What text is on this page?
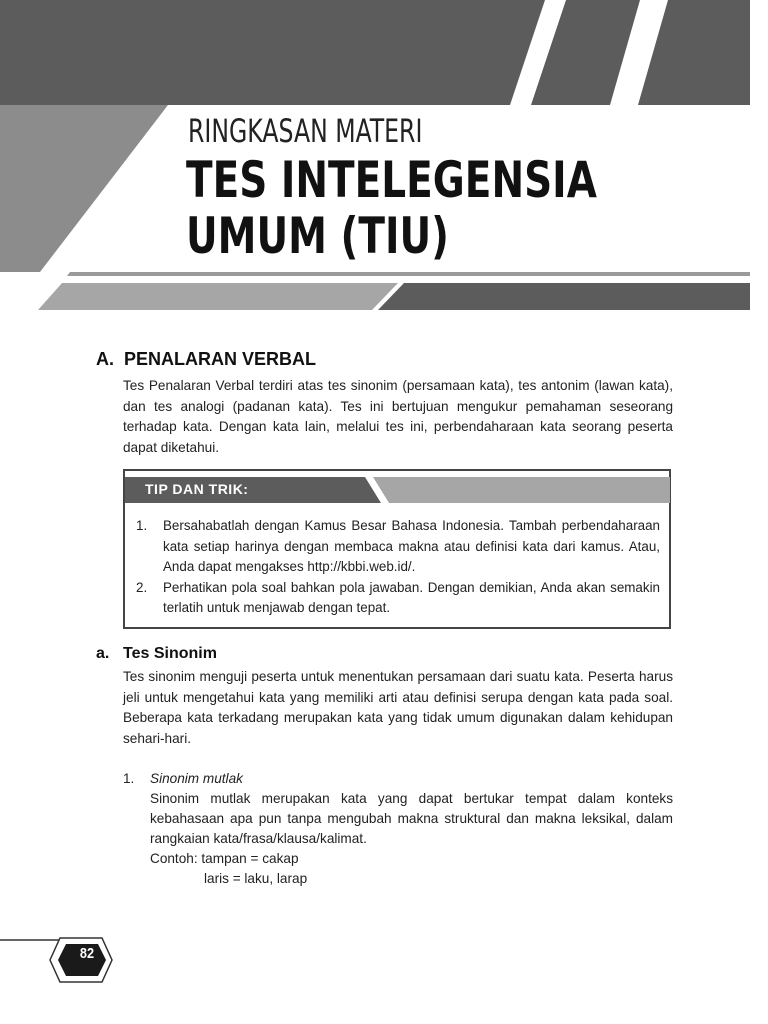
RINGKASAN MATERI
TES INTELEGENSIA
UMUM (TIU)
A.  PENALARAN VERBAL
Tes Penalaran Verbal terdiri atas tes sinonim (persamaan kata), tes antonim (lawan kata), dan tes analogi (padanan kata). Tes ini bertujuan mengukur pemahaman seseorang terhadap kata. Dengan kata lain, melalui tes ini, perbendaharaan kata seorang peserta dapat diketahui.
TIP DAN TRIK:
1. Bersahabatlah dengan Kamus Besar Bahasa Indonesia. Tambah perbendaharaan kata setiap harinya dengan membaca makna atau definisi kata dari kamus. Atau, Anda dapat mengakses http://kbbi.web.id/.
2. Perhatikan pola soal bahkan pola jawaban. Dengan demikian, Anda akan semakin terlatih untuk menjawab dengan tepat.
a. Tes Sinonim
Tes sinonim menguji peserta untuk menentukan persamaan dari suatu kata. Peserta harus jeli untuk mengetahui kata yang memiliki arti atau definisi serupa dengan kata pada soal. Beberapa kata terkadang merupakan kata yang tidak umum digunakan dalam kehidupan sehari-hari.
1. Sinonim mutlak
Sinonim mutlak merupakan kata yang dapat bertukar tempat dalam konteks kebahasaan apa pun tanpa mengubah makna struktural dan makna leksikal, dalam rangkaian kata/frasa/klausa/kalimat.
Contoh: tampan = cakap
laris = laku, larap
82
